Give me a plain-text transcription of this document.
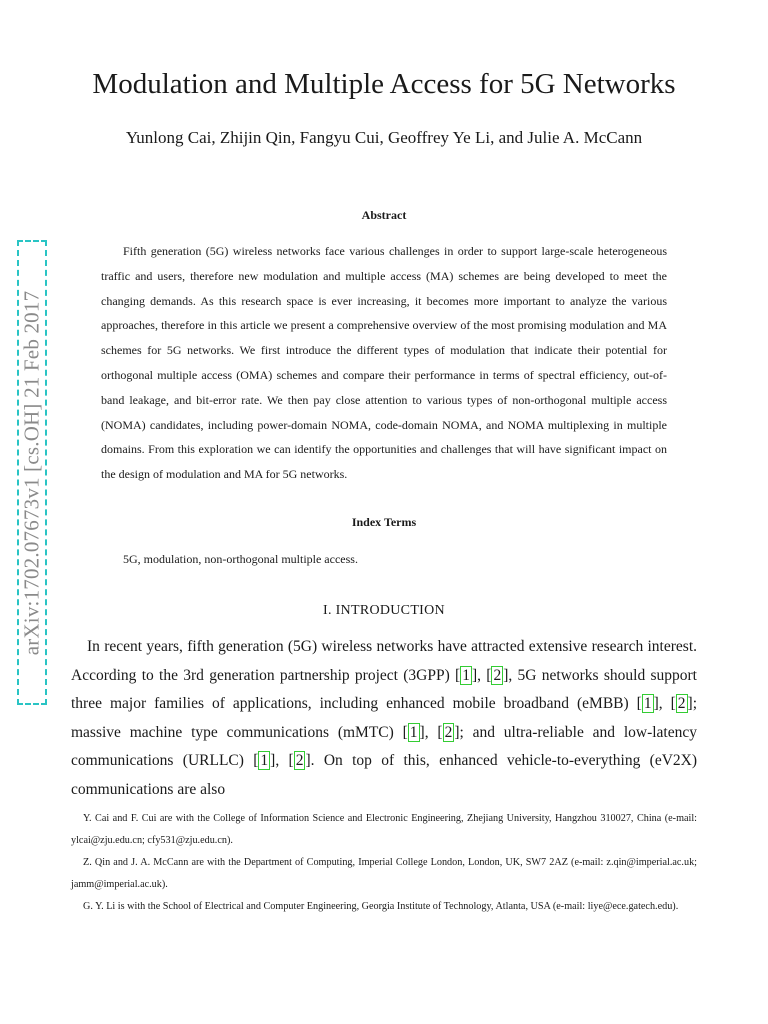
arXiv:1702.07673v1 [cs.OH] 21 Feb 2017
Modulation and Multiple Access for 5G Networks
Yunlong Cai, Zhijin Qin, Fangyu Cui, Geoffrey Ye Li, and Julie A. McCann
Abstract

Fifth generation (5G) wireless networks face various challenges in order to support large-scale heterogeneous traffic and users, therefore new modulation and multiple access (MA) schemes are being developed to meet the changing demands. As this research space is ever increasing, it becomes more important to analyze the various approaches, therefore in this article we present a comprehensive overview of the most promising modulation and MA schemes for 5G networks. We first introduce the different types of modulation that indicate their potential for orthogonal multiple access (OMA) schemes and compare their performance in terms of spectral efficiency, out-of-band leakage, and bit-error rate. We then pay close attention to various types of non-orthogonal multiple access (NOMA) candidates, including power-domain NOMA, code-domain NOMA, and NOMA multiplexing in multiple domains. From this exploration we can identify the opportunities and challenges that will have significant impact on the design of modulation and MA for 5G networks.

Index Terms
5G, modulation, non-orthogonal multiple access.
I. INTRODUCTION

In recent years, fifth generation (5G) wireless networks have attracted extensive research interest. According to the 3rd generation partnership project (3GPP) [ 1 ], [ 2 ], 5G networks should support three major families of applications, including enhanced mobile broadband (eMBB) [ 1 ], [ 2 ]; massive machine type communications (mMTC) [ 1 ], [ 2 ]; and ultra-reliable and low-latency communications (URLLC) [ 1 ], [ 2 ]. On top of this, enhanced vehicle-to-everything (eV2X) communications are also

Y. Cai and F. Cui are with the College of Information Science and Electronic Engineering, Zhejiang University, Hangzhou 310027, China (e-mail: ylcai@zju.edu.cn; cfy531@zju.edu.cn).

Z. Qin and J. A. McCann are with the Department of Computing, Imperial College London, London, UK, SW7 2AZ (e-mail: z.qin@imperial.ac.uk; jamm@imperial.ac.uk).

G. Y. Li is with the School of Electrical and Computer Engineering, Georgia Institute of Technology, Atlanta, USA (e-mail: liye@ece.gatech.edu).
